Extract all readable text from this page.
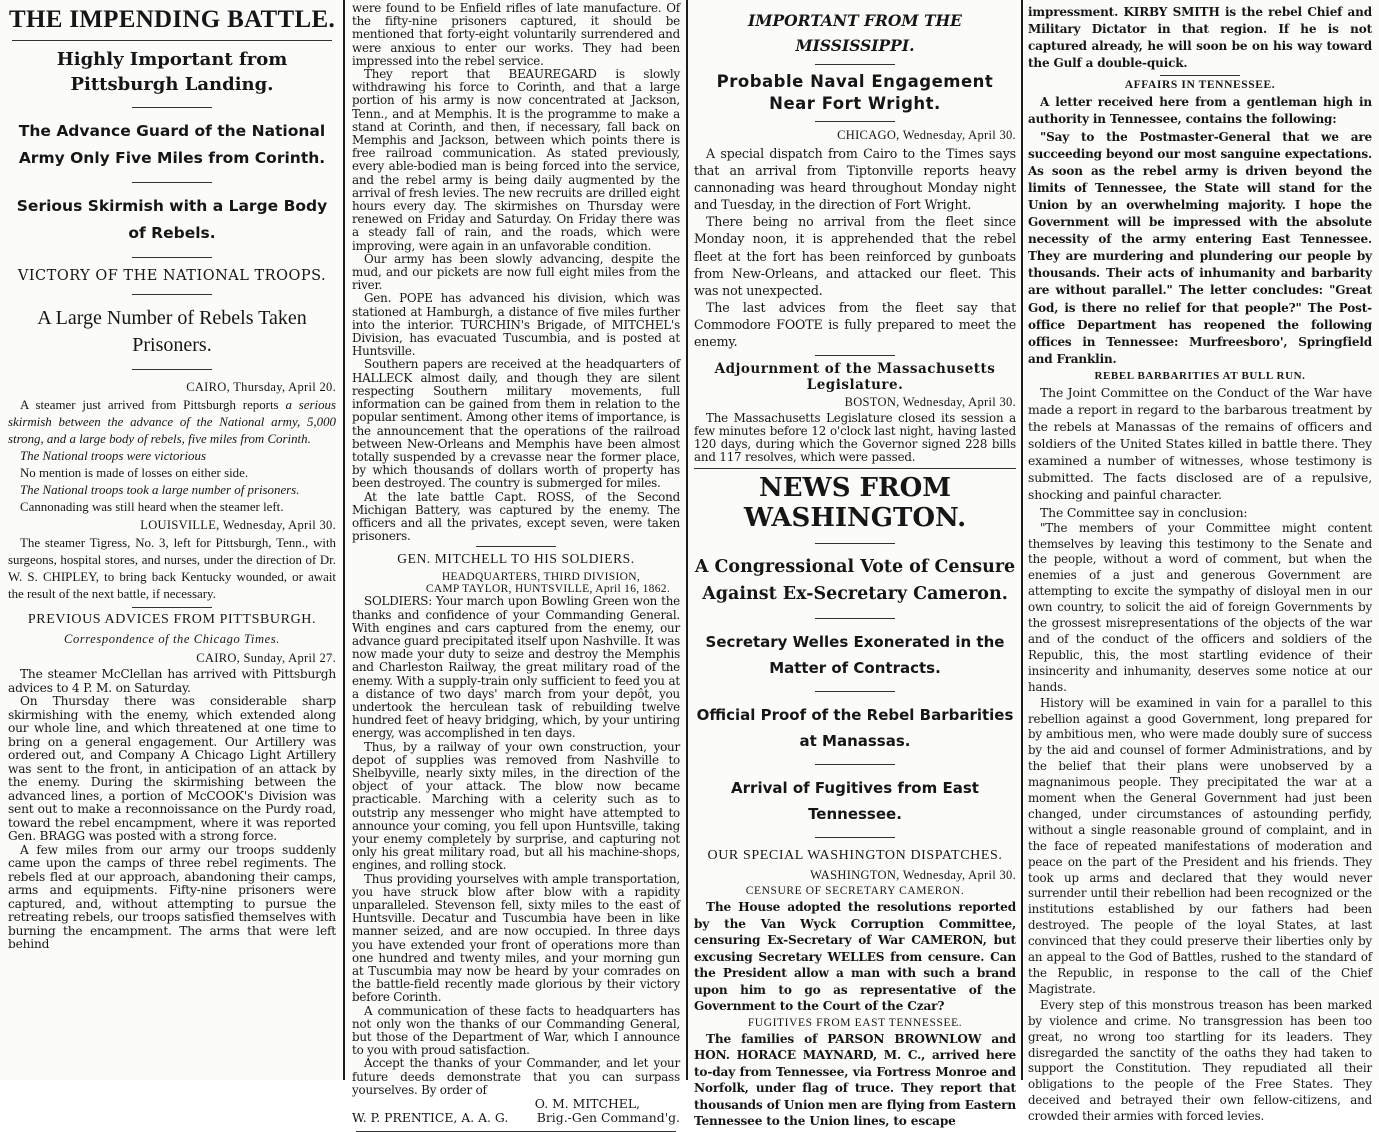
THE IMPENDING BATTLE.
Highly Important from Pittsburgh Landing.
The Advance Guard of the National Army Only Five Miles from Corinth.
Serious Skirmish with a Large Body of Rebels.
VICTORY OF THE NATIONAL TROOPS.
A Large Number of Rebels Taken Prisoners.
CAIRO, Thursday, April 20.

A steamer just arrived from Pittsburgh reports a serious skirmish between the advance of the National army, 5,000 strong, and a large body of rebels, five miles from Corinth.

The National troops were victorious

No mention is made of losses on either side.

The National troops took a large number of prisoners.

Cannonading was still heard when the steamer left.

LOUISVILLE, Wednesday, April 30.

The steamer Tigress, No. 3, left for Pittsburgh, Tenn., with surgeons, hospital stores, and nurses, under the direction of Dr. W. S. CHIPLEY, to bring back Kentucky wounded, or await the result of the next battle, if necessary.

PREVIOUS ADVICES FROM PITTSBURGH.
Correspondence of the Chicago Times.
CAIRO, Sunday, April 27.

The steamer McClellan has arrived with Pittsburgh advices to 4 P. M. on Saturday.

On Thursday there was considerable sharp skirmishing with the enemy, which extended along our whole line, and which threatened at one time to bring on a general engagement. Our Artillery was ordered out, and Company A Chicago Light Artillery was sent to the front, in anticipation of an attack by the enemy. During the skirmishing between the advanced lines, a portion of McCOOK's Division was sent out to make a reconnoissance on the Purdy road, toward the rebel encampment, where it was reported Gen. BRAGG was posted with a strong force.

A few miles from our army our troops suddenly came upon the camps of three rebel regiments. The rebels fled at our approach, abandoning their camps, arms and equipments. Fifty-nine prisoners were captured, and, without attempting to pursue the retreating rebels, our troops satisfied themselves with burning the encampment. The arms that were left behind

were found to be Enfield rifles of late manufacture. Of the fifty-nine prisoners captured, it should be mentioned that forty-eight voluntarily surrendered and were anxious to enter our works. They had been impressed into the rebel service.

They report that BEAUREGARD is slowly withdrawing his force to Corinth, and that a large portion of his army is now concentrated at Jackson, Tenn., and at Memphis. It is the programme to make a stand at Corinth, and then, if necessary, fall back on Memphis and Jackson, between which points there is free railroad communication. As stated previously, every able-bodied man is being forced into the service, and the rebel army is being daily augmented by the arrival of fresh levies. The new recruits are drilled eight hours every day. The skirmishes on Thursday were renewed on Friday and Saturday. On Friday there was a steady fall of rain, and the roads, which were improving, were again in an unfavorable condition.

Our army has been slowly advancing, despite the mud, and our pickets are now full eight miles from the river.

Gen. POPE has advanced his division, which was stationed at Hamburgh, a distance of five miles further into the interior. TURCHIN's Brigade, of MITCHEL's Division, has evacuated Tuscumbia, and is posted at Huntsville.

Southern papers are received at the headquarters of HALLECK almost daily, and though they are silent respecting Southern military movements, full information can be gained from them in relation to the popular sentiment. Among other items of importance, is the announcement that the operations of the railroad between New-Orleans and Memphis have been almost totally suspended by a crevasse near the former place, by which thousands of dollars worth of property has been destroyed. The country is submerged for miles.

At the late battle Capt. ROSS, of the Second Michigan Battery, was captured by the enemy. The officers and all the privates, except seven, were taken prisoners.

GEN. MITCHELL TO HIS SOLDIERS.
HEADQUARTERS, THIRD DIVISION,
CAMP TAYLOR, HUNTSVILLE, April 16, 1862.

SOLDIERS: Your march upon Bowling Green won the thanks and confidence of your Commanding General. With engines and cars captured from the enemy, our advance guard precipitated itself upon Nashville. It was now made your duty to seize and destroy the Memphis and Charleston Railway, the great military road of the enemy. With a supply-train only sufficient to feed you at a distance of two days' march from your depôt, you undertook the herculean task of rebuilding twelve hundred feet of heavy bridging, which, by your untiring energy, was accomplished in ten days.

Thus, by a railway of your own construction, your depot of supplies was removed from Nashville to Shelbyville, nearly sixty miles, in the direction of the object of your attack. The blow now became practicable. Marching with a celerity such as to outstrip any messenger who might have attempted to announce your coming, you fell upon Huntsville, taking your enemy completely by surprise, and capturing not only his great military road, but all his machine-shops, engines, and rolling stock.

Thus providing yourselves with ample transportation, you have struck blow after blow with a rapidity unparalleled. Stevenson fell, sixty miles to the east of Huntsville. Decatur and Tuscumbia have been in like manner seized, and are now occupied. In three days you have extended your front of operations more than one hundred and twenty miles, and your morning gun at Tuscumbia may now be heard by your comrades on the battle-field recently made glorious by their victory before Corinth.

A communication of these facts to headquarters has not only won the thanks of our Commanding General, but those of the Department of War, which I announce to you with proud satisfaction.

Accept the thanks of your Commander, and let your future deeds demonstrate that you can surpass yourselves. By order of

O. M. MITCHEL,
W. P. PRENTICE, A. A. G. Brig.-Gen Command'g.
IMPORTANT FROM THE MISSISSIPPI.
Probable Naval Engagement Near Fort Wright.
CHICAGO, Wednesday, April 30.

A special dispatch from Cairo to the Times says that an arrival from Tiptonville reports heavy cannonading was heard throughout Monday night and Tuesday, in the direction of Fort Wright.

There being no arrival from the fleet since Monday noon, it is apprehended that the rebel fleet at the fort has been reinforced by gunboats from New-Orleans, and attacked our fleet. This was not unexpected.

The last advices from the fleet say that Commodore FOOTE is fully prepared to meet the enemy.

Adjournment of the Massachusetts Legislature.
BOSTON, Wednesday, April 30.

The Massachusetts Legislature closed its session a few minutes before 12 o'clock last night, having lasted 120 days, during which the Governor signed 228 bills and 117 resolves, which were passed.

NEWS FROM WASHINGTON.
A Congressional Vote of Censure Against Ex-Secretary Cameron.
Secretary Welles Exonerated in the Matter of Contracts.
Official Proof of the Rebel Barbarities at Manassas.
Arrival of Fugitives from East Tennessee.
OUR SPECIAL WASHINGTON DISPATCHES.
WASHINGTON, Wednesday, April 30.
CENSURE OF SECRETARY CAMERON.

The House adopted the resolutions reported by the Van Wyck Corruption Committee, censuring Ex-Secretary of War CAMERON, but excusing Secretary WELLES from censure. Can the President allow a man with such a brand upon him to go as representative of the Government to the Court of the Czar?

FUGITIVES FROM EAST TENNESSEE.

The families of PARSON BROWNLOW and HON. HORACE MAYNARD, M. C., arrived here to-day from Tennessee, via Fortress Monroe and Norfolk, under flag of truce. They report that thousands of Union men are flying from Eastern Tennessee to the Union lines, to escape

impressment. KIRBY SMITH is the rebel Chief and Military Dictator in that region. If he is not captured already, he will soon be on his way toward the Gulf a double-quick.

AFFAIRS IN TENNESSEE.

A letter received here from a gentleman high in authority in Tennessee, contains the following:

"Say to the Postmaster-General that we are succeeding beyond our most sanguine expectations. As soon as the rebel army is driven beyond the limits of Tennessee, the State will stand for the Union by an overwhelming majority. I hope the Government will be impressed with the absolute necessity of the army entering East Tennessee. They are murdering and plundering our people by thousands. Their acts of inhumanity and barbarity are without parallel." The letter concludes: "Great God, is there no relief for that people?" The Post-office Department has reopened the following offices in Tennessee: Murfreesboro', Springfield and Franklin.

REBEL BARBARITIES AT BULL RUN.

The Joint Committee on the Conduct of the War have made a report in regard to the barbarous treatment by the rebels at Manassas of the remains of officers and soldiers of the United States killed in battle there. They examined a number of witnesses, whose testimony is submitted. The facts disclosed are of a repulsive, shocking and painful character.

The Committee say in conclusion:

"The members of your Committee might content themselves by leaving this testimony to the Senate and the people, without a word of comment, but when the enemies of a just and generous Government are attempting to excite the sympathy of disloyal men in our own country, to solicit the aid of foreign Governments by the grossest misrepresentations of the objects of the war and of the conduct of the officers and soldiers of the Republic, this, the most startling evidence of their insincerity and inhumanity, deserves some notice at our hands.

History will be examined in vain for a parallel to this rebellion against a good Government, long prepared for by ambitious men, who were made doubly sure of success by the aid and counsel of former Administrations, and by the belief that their plans were unobserved by a magnanimous people. They precipitated the war at a moment when the General Government had just been changed, under circumstances of astounding perfidy, without a single reasonable ground of complaint, and in the face of repeated manifestations of moderation and peace on the part of the President and his friends. They took up arms and declared that they would never surrender until their rebellion had been recognized or the institutions established by our fathers had been destroyed. The people of the loyal States, at last convinced that they could preserve their liberties only by an appeal to the God of Battles, rushed to the standard of the Republic, in response to the call of the Chief Magistrate.

Every step of this monstrous treason has been marked by violence and crime. No transgression has been too great, no wrong too startling for its leaders. They disregarded the sanctity of the oaths they had taken to support the Constitution. They repudiated all their obligations to the people of the Free States. They deceived and betrayed their own fellow-citizens, and crowded their armies with forced levies.
